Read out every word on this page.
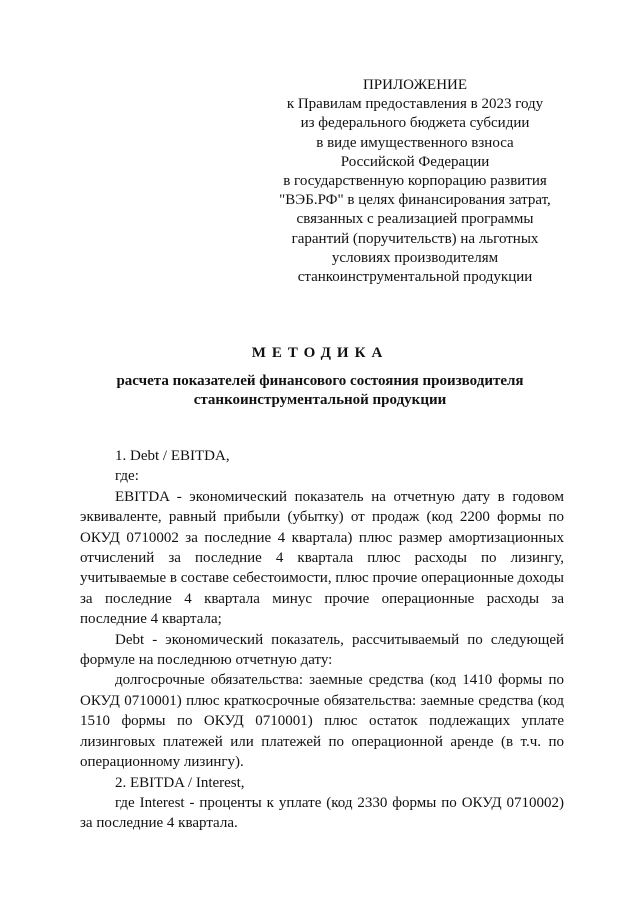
ПРИЛОЖЕНИЕ
к Правилам предоставления в 2023 году
из федерального бюджета субсидии
в виде имущественного взноса
Российской Федерации
в государственную корпорацию развития
"ВЭБ.РФ" в целях финансирования затрат,
связанных с реализацией программы
гарантий (поручительств) на льготных
условиях производителям
станкоинструментальной продукции
МЕТОДИКА
расчета показателей финансового состояния производителя
станкоинструментальной продукции

1. Debt / EBITDA,

где:

EBITDA - экономический показатель на отчетную дату в годовом эквиваленте, равный прибыли (убытку) от продаж (код 2200 формы по ОКУД 0710002 за последние 4 квартала) плюс размер амортизационных отчислений за последние 4 квартала плюс расходы по лизингу, учитываемые в составе себестоимости, плюс прочие операционные доходы за последние 4 квартала минус прочие операционные расходы за последние 4 квартала;

Debt - экономический показатель, рассчитываемый по следующей формуле на последнюю отчетную дату:

долгосрочные обязательства: заемные средства (код 1410 формы по ОКУД 0710001) плюс краткосрочные обязательства: заемные средства (код 1510 формы по ОКУД 0710001) плюс остаток подлежащих уплате лизинговых платежей или платежей по операционной аренде (в т.ч. по операционному лизингу).

2. EBITDA / Interest,

где Interest - проценты к уплате (код 2330 формы по ОКУД 0710002) за последние 4 квартала.
